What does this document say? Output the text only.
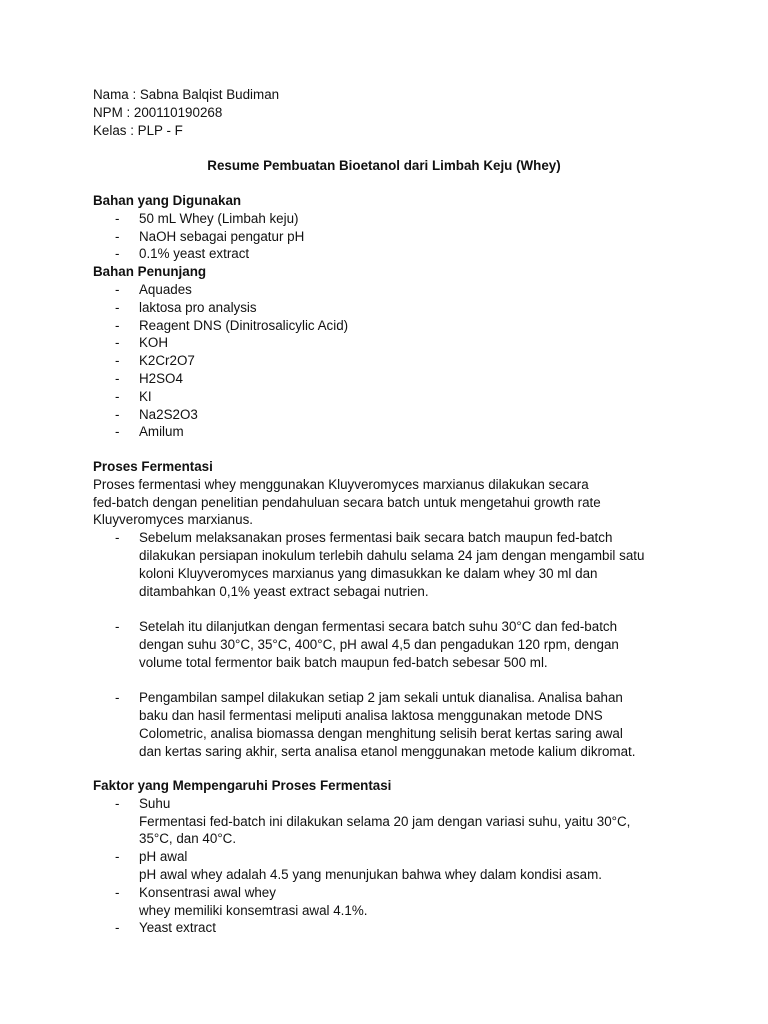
Nama : Sabna Balqist Budiman
NPM : 200110190268
Kelas : PLP - F
Resume Pembuatan Bioetanol dari Limbah Keju (Whey)
Bahan yang Digunakan
- 50 mL Whey (Limbah keju)
- NaOH sebagai pengatur pH
- 0.1% yeast extract
Bahan Penunjang
- Aquades
- laktosa pro analysis
- Reagent DNS (Dinitrosalicylic Acid)
- KOH
- K2Cr2O7
- H2SO4
- KI
- Na2S2O3
- Amilum
Proses Fermentasi
Proses fermentasi whey menggunakan Kluyveromyces marxianus dilakukan secara
fed-batch dengan penelitian pendahuluan secara batch untuk mengetahui growth rate
Kluyveromyces marxianus.
- Sebelum melaksanakan proses fermentasi baik secara batch maupun fed-batch
dilakukan persiapan inokulum terlebih dahulu selama 24 jam dengan mengambil satu
koloni Kluyveromyces marxianus yang dimasukkan ke dalam whey 30 ml dan
ditambahkan 0,1% yeast extract sebagai nutrien.
- Setelah itu dilanjutkan dengan fermentasi secara batch suhu 30°C dan fed-batch
dengan suhu 30°C, 35°C, 400°C, pH awal 4,5 dan pengadukan 120 rpm, dengan
volume total fermentor baik batch maupun fed-batch sebesar 500 ml.
- Pengambilan sampel dilakukan setiap 2 jam sekali untuk dianalisa. Analisa bahan
baku dan hasil fermentasi meliputi analisa laktosa menggunakan metode DNS
Colometric, analisa biomassa dengan menghitung selisih berat kertas saring awal
dan kertas saring akhir, serta analisa etanol menggunakan metode kalium dikromat.
Faktor yang Mempengaruhi Proses Fermentasi
- Suhu
Fermentasi fed-batch ini dilakukan selama 20 jam dengan variasi suhu, yaitu 30°C,
35°C, dan 40°C.
- pH awal
pH awal whey adalah 4.5 yang menunjukan bahwa whey dalam kondisi asam.
- Konsentrasi awal whey
whey memiliki konsemtrasi awal 4.1%.
- Yeast extract
